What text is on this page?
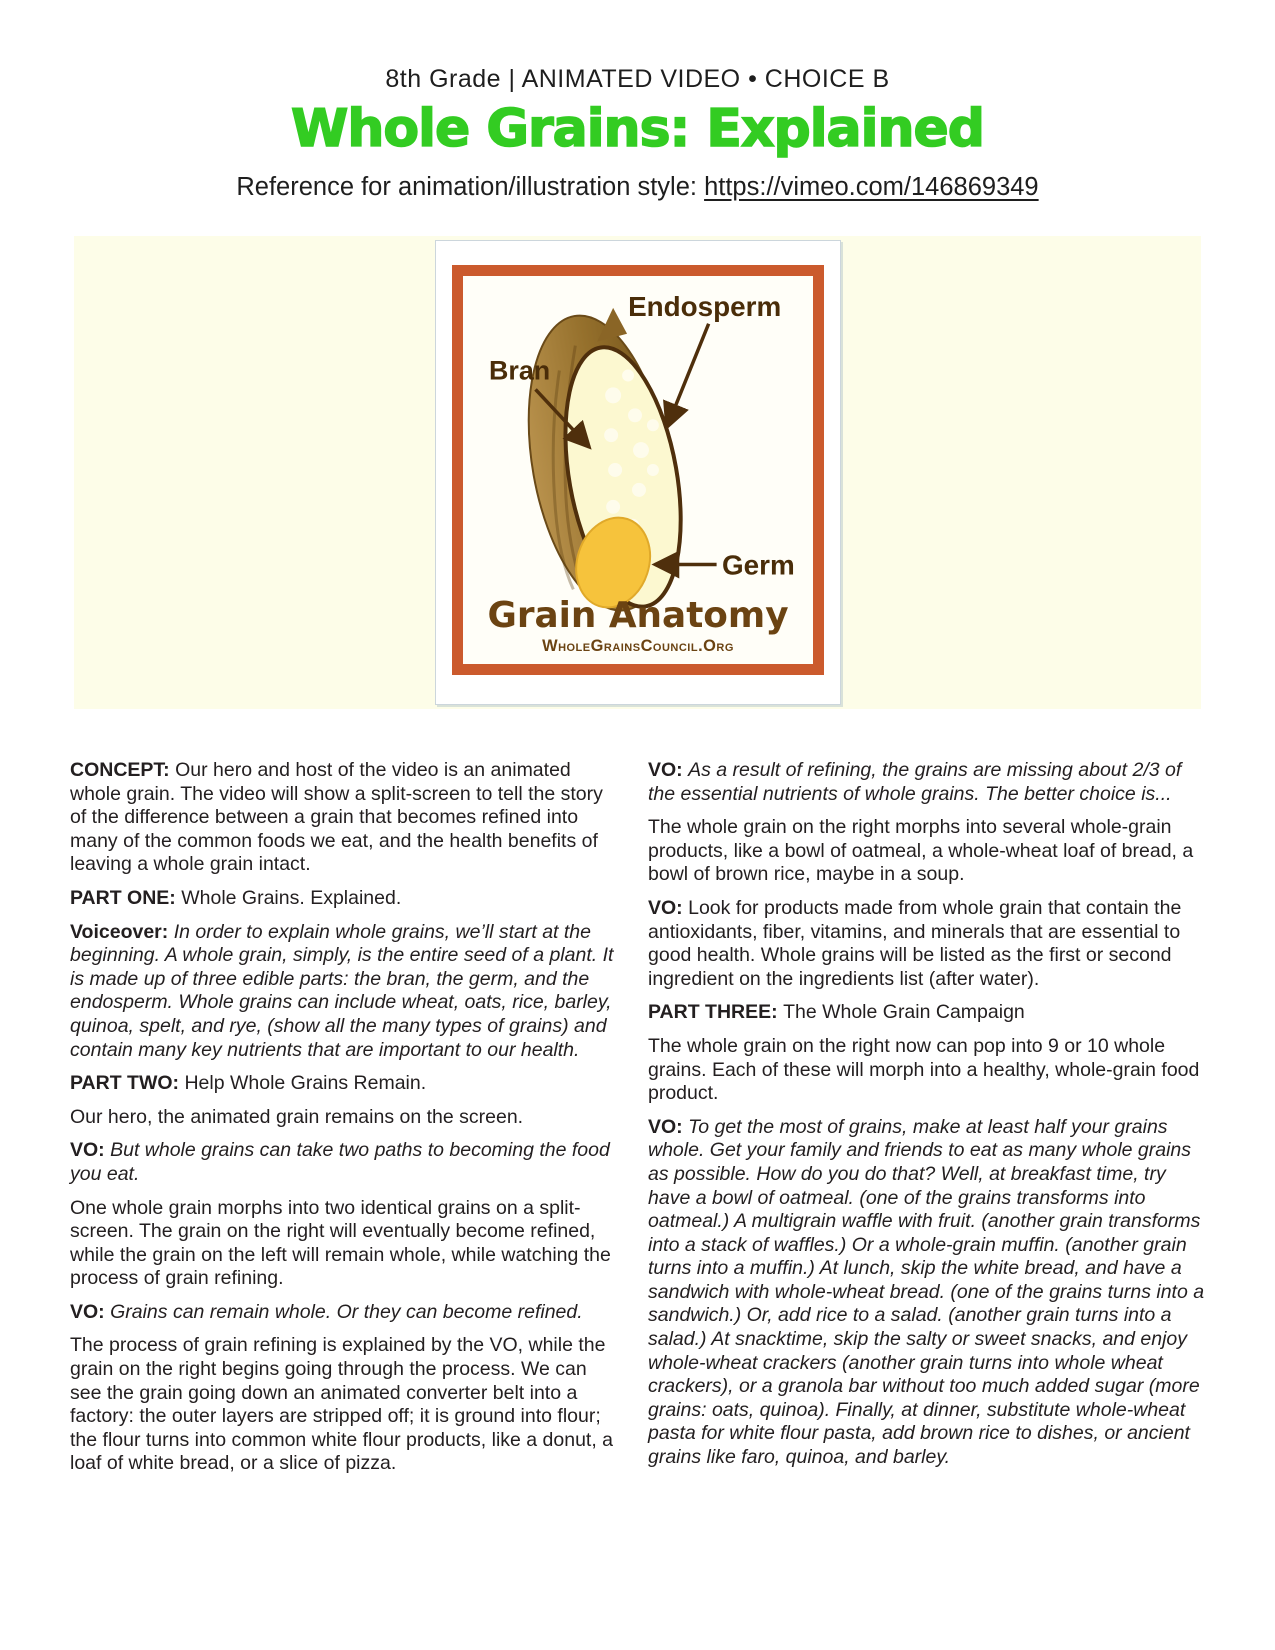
8th Grade | ANIMATED VIDEO • CHOICE B
Whole Grains: Explained
Reference for animation/illustration style: https://vimeo.com/146869349
Endosperm
Bran
Germ
Grain Anatomy
WholeGrainsCouncil.Org

CONCEPT: Our hero and host of the video is an animated whole grain. The video will show a split-screen to tell the story of the difference between a grain that becomes refined into many of the common foods we eat, and the health benefits of leaving a whole grain intact.

PART ONE: Whole Grains. Explained.

Voiceover: In order to explain whole grains, we’ll start at the beginning. A whole grain, simply, is the entire seed of a plant. It is made up of three edible parts: the bran, the germ, and the endosperm. Whole grains can include wheat, oats, rice, barley, quinoa, spelt, and rye, (show all the many types of grains) and contain many key nutrients that are important to our health.

PART TWO: Help Whole Grains Remain.

Our hero, the animated grain remains on the screen.

VO: But whole grains can take two paths to becoming the food you eat.

One whole grain morphs into two identical grains on a split-screen. The grain on the right will eventually become refined, while the grain on the left will remain whole, while watching the process of grain refining.

VO: Grains can remain whole. Or they can become refined.

The process of grain refining is explained by the VO, while the grain on the right begins going through the process. We can see the grain going down an animated converter belt into a factory: the outer layers are stripped off; it is ground into flour; the flour turns into common white flour products, like a donut, a loaf of white bread, or a slice of pizza.

VO: As a result of refining, the grains are missing about 2/3 of the essential nutrients of whole grains. The better choice is...

The whole grain on the right morphs into several whole-grain products, like a bowl of oatmeal, a whole-wheat loaf of bread, a bowl of brown rice, maybe in a soup.

VO: Look for products made from whole grain that contain the antioxidants, fiber, vitamins, and minerals that are essential to good health. Whole grains will be listed as the first or second ingredient on the ingredients list (after water).

PART THREE: The Whole Grain Campaign

The whole grain on the right now can pop into 9 or 10 whole grains. Each of these will morph into a healthy, whole-grain food product.

VO: To get the most of grains, make at least half your grains whole. Get your family and friends to eat as many whole grains as possible. How do you do that? Well, at breakfast time, try have a bowl of oatmeal. (one of the grains transforms into oatmeal.) A multigrain waffle with fruit. (another grain transforms into a stack of waffles.) Or a whole-grain muffin. (another grain turns into a muffin.) At lunch, skip the white bread, and have a sandwich with whole-wheat bread. (one of the grains turns into a sandwich.) Or, add rice to a salad. (another grain turns into a salad.) At snacktime, skip the salty or sweet snacks, and enjoy whole-wheat crackers (another grain turns into whole wheat crackers), or a granola bar without too much added sugar (more grains: oats, quinoa). Finally, at dinner, substitute whole-wheat pasta for white flour pasta, add brown rice to dishes, or ancient grains like faro, quinoa, and barley.
